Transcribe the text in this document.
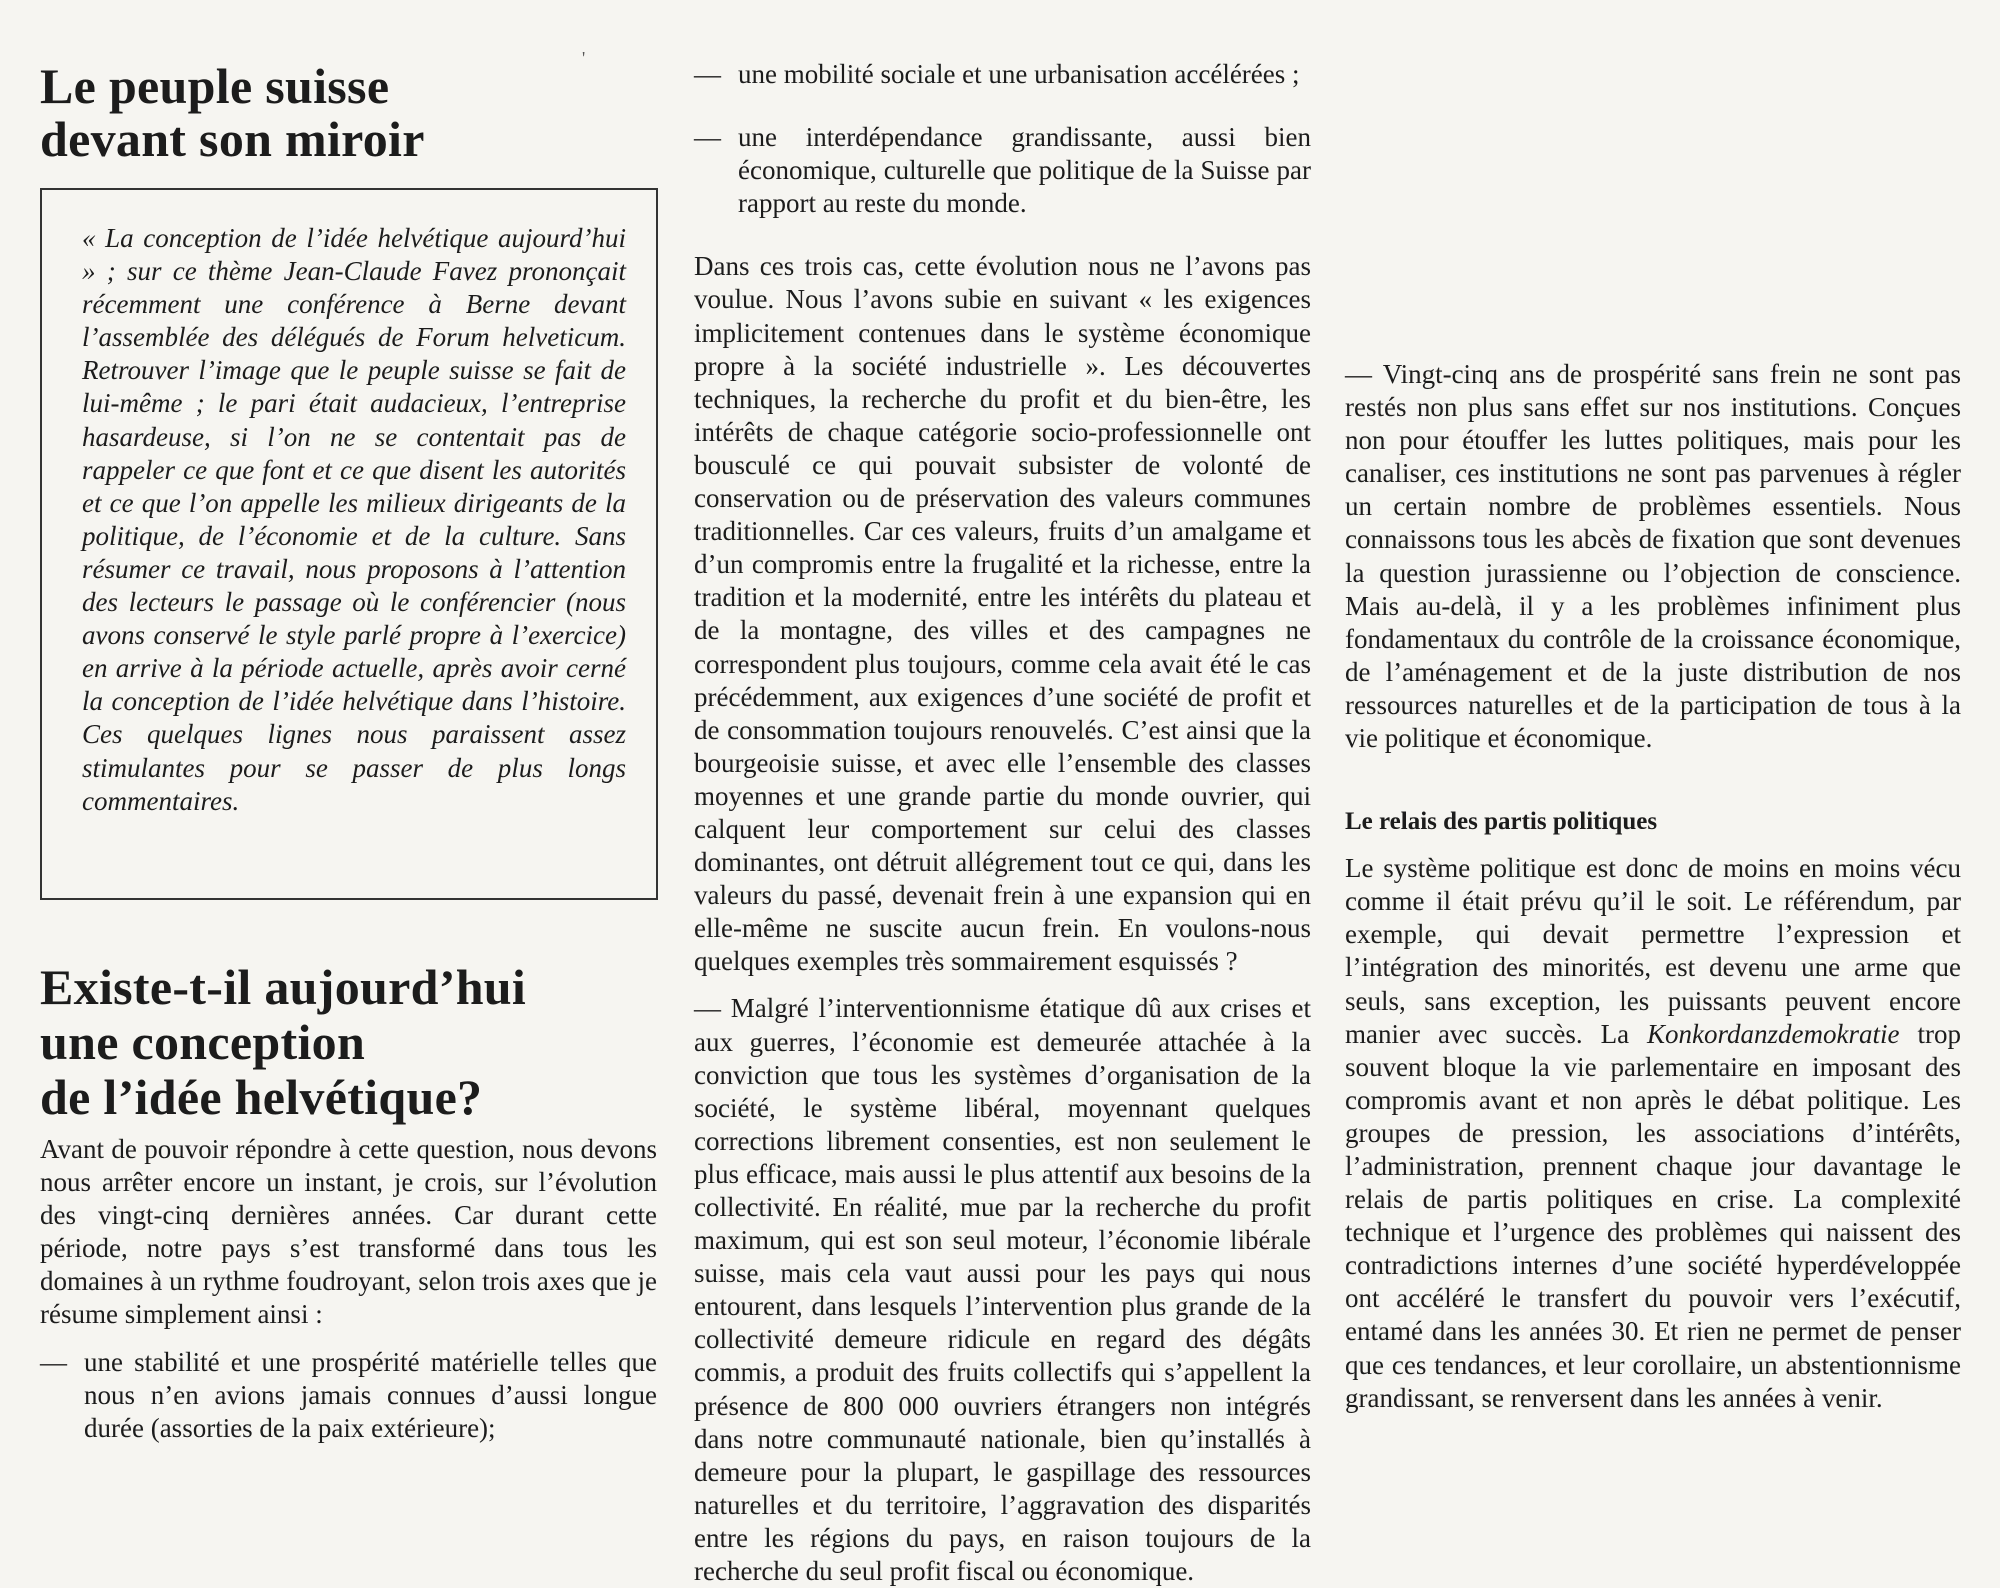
Le peuple suisse
devant son miroir

« La conception de l’idée helvétique aujourd’hui » ; sur ce thème Jean-Claude Favez prononçait récemment une conférence à Berne devant l’assemblée des délégués de Forum helveticum. Retrouver l’image que le peuple suisse se fait de lui-même ; le pari était audacieux, l’entreprise hasardeuse, si l’on ne se contentait pas de rappeler ce que font et ce que disent les autorités et ce que l’on appelle les milieux dirigeants de la politique, de l’économie et de la culture. Sans résumer ce travail, nous proposons à l’attention des lecteurs le passage où le conférencier (nous avons conservé le style parlé propre à l’exercice) en arrive à la période actuelle, après avoir cerné la conception de l’idée helvétique dans l’histoire. Ces quelques lignes nous paraissent assez stimulantes pour se passer de plus longs commentaires.

Existe-t-il aujourd’hui
une conception
de l’idée helvétique?

Avant de pouvoir répondre à cette question, nous devons nous arrêter encore un instant, je crois, sur l’évolution des vingt-cinq dernières années. Car durant cette période, notre pays s’est transformé dans tous les domaines à un rythme foudroyant, selon trois axes que je résume simplement ainsi :

— une stabilité et une prospérité matérielle telles que nous n’en avions jamais connues d’aussi longue durée (assorties de la paix extérieure);
— une mobilité sociale et une urbanisation accélérées ;
— une interdépendance grandissante, aussi bien économique, culturelle que politique de la Suisse par rapport au reste du monde.

Dans ces trois cas, cette évolution nous ne l’avons pas voulue. Nous l’avons subie en suivant « les exigences implicitement contenues dans le système économique propre à la société industrielle ». Les découvertes techniques, la recherche du profit et du bien-être, les intérêts de chaque catégorie socio-professionnelle ont bousculé ce qui pouvait subsister de volonté de conservation ou de préservation des valeurs communes traditionnelles. Car ces valeurs, fruits d’un amalgame et d’un compromis entre la frugalité et la richesse, entre la tradition et la modernité, entre les intérêts du plateau et de la montagne, des villes et des campagnes ne correspondent plus toujours, comme cela avait été le cas précédemment, aux exigences d’une société de profit et de consommation toujours renouvelés. C’est ainsi que la bourgeoisie suisse, et avec elle l’ensemble des classes moyennes et une grande partie du monde ouvrier, qui calquent leur comportement sur celui des classes dominantes, ont détruit allégrement tout ce qui, dans les valeurs du passé, devenait frein à une expansion qui en elle-même ne suscite aucun frein. En voulons-nous quelques exemples très sommairement esquissés ?

— Malgré l’interventionnisme étatique dû aux crises et aux guerres, l’économie est demeurée attachée à la conviction que tous les systèmes d’organisation de la société, le système libéral, moyennant quelques corrections librement consenties, est non seulement le plus efficace, mais aussi le plus attentif aux besoins de la collectivité. En réalité, mue par la recherche du profit maximum, qui est son seul moteur, l’économie libérale suisse, mais cela vaut aussi pour les pays qui nous entourent, dans lesquels l’intervention plus grande de la collectivité demeure ridicule en regard des dégâts commis, a produit des fruits collectifs qui s’appellent la présence de 800 000 ouvriers étrangers non intégrés dans notre communauté nationale, bien qu’installés à demeure pour la plupart, le gaspillage des ressources naturelles et du territoire, l’aggravation des disparités entre les régions du pays, en raison toujours de la recherche du seul profit fiscal ou économique.

— Vingt-cinq ans de prospérité sans frein ne sont pas restés non plus sans effet sur nos institutions. Conçues non pour étouffer les luttes politiques, mais pour les canaliser, ces institutions ne sont pas parvenues à régler un certain nombre de problèmes essentiels. Nous connaissons tous les abcès de fixation que sont devenues la question jurassienne ou l’objection de conscience. Mais au-delà, il y a les problèmes infiniment plus fondamentaux du contrôle de la croissance économique, de l’aménagement et de la juste distribution de nos ressources naturelles et de la participation de tous à la vie politique et économique.

Le relais des partis politiques

Le système politique est donc de moins en moins vécu comme il était prévu qu’il le soit. Le référendum, par exemple, qui devait permettre l’expression et l’intégration des minorités, est devenu une arme que seuls, sans exception, les puissants peuvent encore manier avec succès. La Konkordanzdemokratie trop souvent bloque la vie parlementaire en imposant des compromis avant et non après le débat politique. Les groupes de pression, les associations d’intérêts, l’administration, prennent chaque jour davantage le relais de partis politiques en crise. La complexité technique et l’urgence des problèmes qui naissent des contradictions internes d’une société hyperdéveloppée ont accéléré le transfert du pouvoir vers l’exécutif, entamé dans les années 30. Et rien ne permet de penser que ces tendances, et leur corollaire, un abstentionnisme grandissant, se renversent dans les années à venir.

'
